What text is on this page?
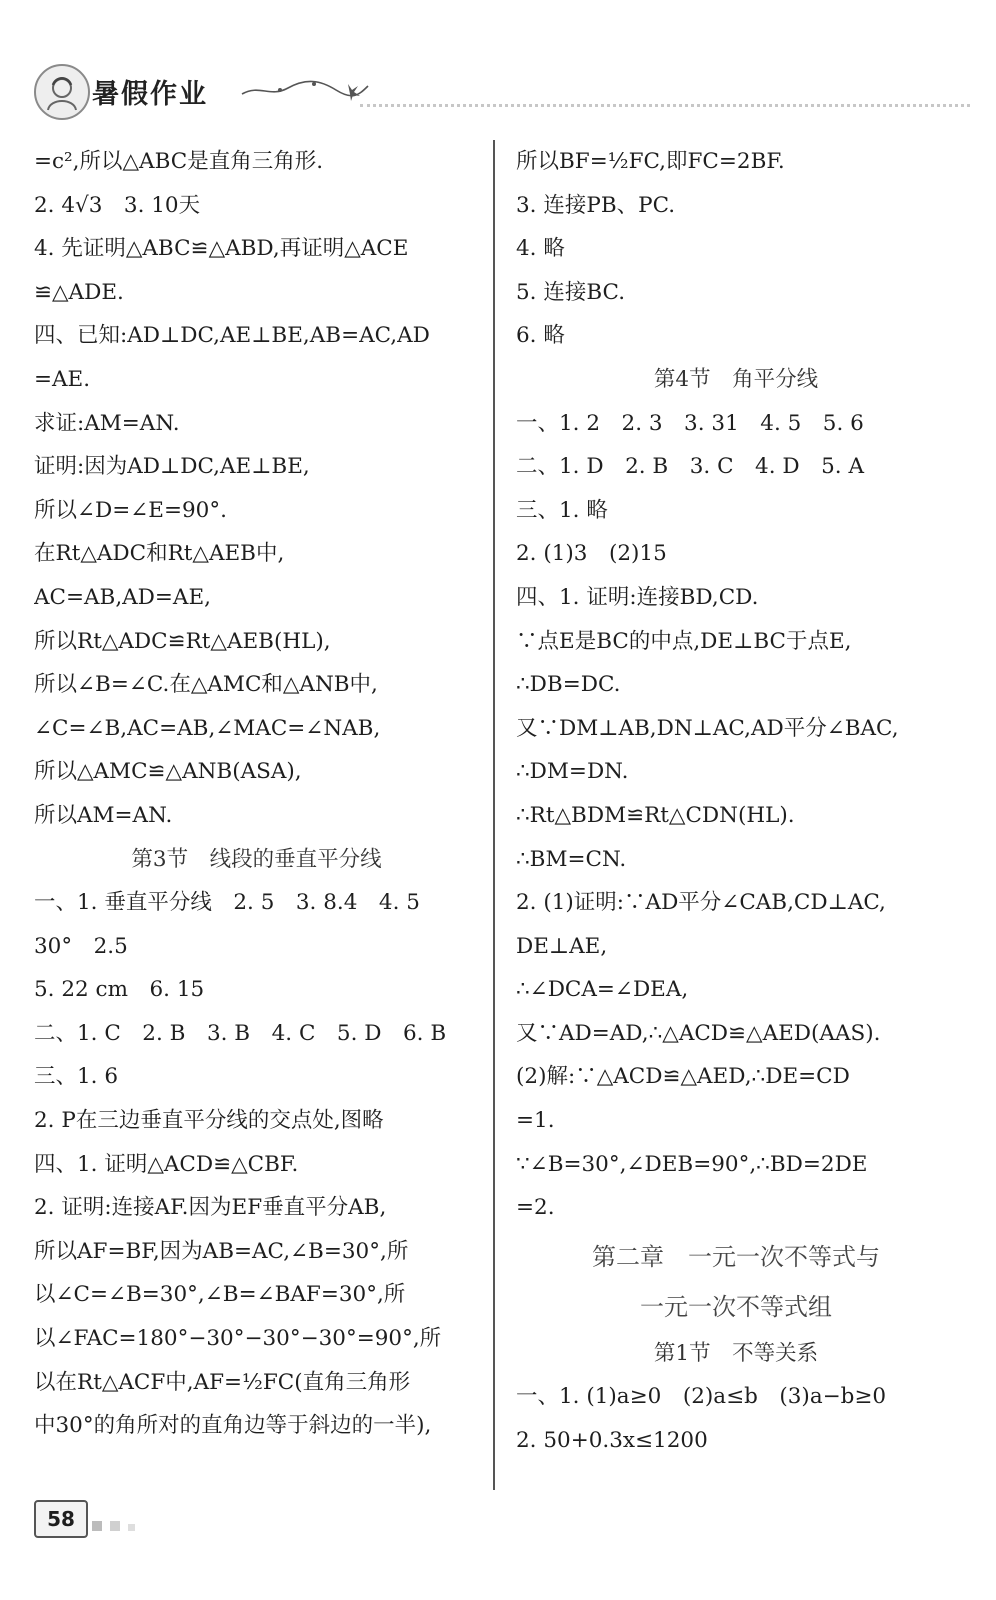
暑假作业
=c²,所以△ABC是直角三角形.
2. 4√3　3. 10天
4. 先证明△ABC≌△ABD,再证明△ACE
≌△ADE.
四、已知:AD⊥DC,AE⊥BE,AB=AC,AD
=AE.
求证:AM=AN.
证明:因为AD⊥DC,AE⊥BE,
所以∠D=∠E=90°.
在Rt△ADC和Rt△AEB中,
AC=AB,AD=AE,
所以Rt△ADC≌Rt△AEB(HL),
所以∠B=∠C.在△AMC和△ANB中,
∠C=∠B,AC=AB,∠MAC=∠NAB,
所以△AMC≌△ANB(ASA),
所以AM=AN.
第3节　线段的垂直平分线
一、1. 垂直平分线　2. 5　3. 8.4　4. 5
30°　2.5
5. 22 cm　6. 15
二、1. C　2. B　3. B　4. C　5. D　6. B
三、1. 6
2. P在三边垂直平分线的交点处,图略
四、1. 证明△ACD≌△CBF.
2. 证明:连接AF.因为EF垂直平分AB,
所以AF=BF,因为AB=AC,∠B=30°,所
以∠C=∠B=30°,∠B=∠BAF=30°,所
以∠FAC=180°−30°−30°−30°=90°,所
以在Rt△ACF中,AF=½FC(直角三角形
中30°的角所对的直角边等于斜边的一半),
所以BF=½FC,即FC=2BF.
3. 连接PB、PC.
4. 略
5. 连接BC.
6. 略
第4节　角平分线
一、1. 2　2. 3　3. 31　4. 5　5. 6
二、1. D　2. B　3. C　4. D　5. A
三、1. 略
2. (1)3　(2)15
四、1. 证明:连接BD,CD.
∵点E是BC的中点,DE⊥BC于点E,
∴DB=DC.
又∵DM⊥AB,DN⊥AC,AD平分∠BAC,
∴DM=DN.
∴Rt△BDM≌Rt△CDN(HL).
∴BM=CN.
2. (1)证明:∵AD平分∠CAB,CD⊥AC,
DE⊥AE,
∴∠DCA=∠DEA,
又∵AD=AD,∴△ACD≌△AED(AAS).
(2)解:∵△ACD≌△AED,∴DE=CD
=1.
∵∠B=30°,∠DEB=90°,∴BD=2DE
=2.
第二章　一元一次不等式与
一元一次不等式组
第1节　不等关系
一、1. (1)a≥0　(2)a≤b　(3)a−b≥0
2. 50+0.3x≤1200
58
